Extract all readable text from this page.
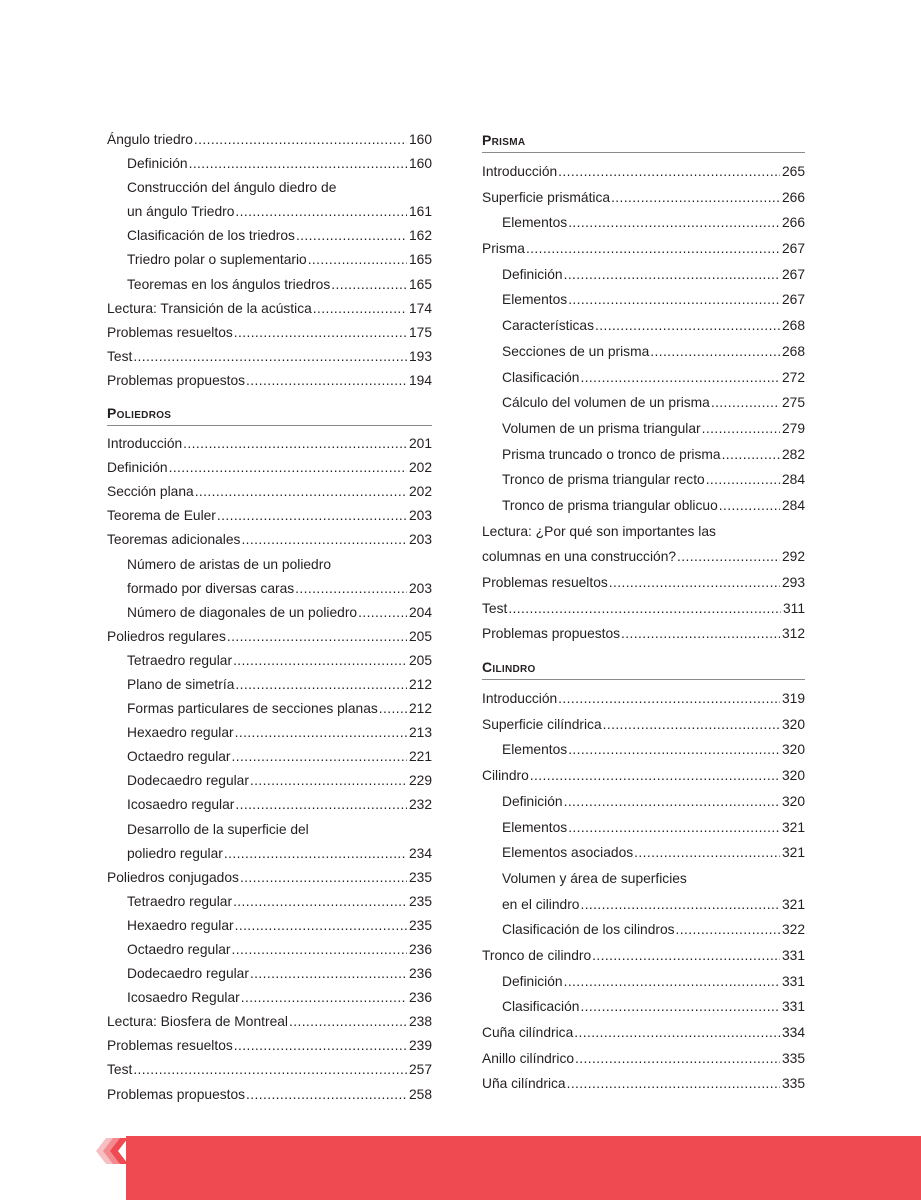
Ángulo triedro .....	160
Definición .....	160
Construcción del ángulo diedro de
un ángulo Triedro .....	161
Clasificación de los triedros .....	162
Triedro polar o suplementario .....	165
Teoremas en los ángulos triedros .....	165
Lectura: Transición de la acústica .....	174
Problemas resueltos .....	175
Test .....	193
Problemas propuestos .....	194
Poliedros
Introducción .....	201
Definición .....	202
Sección plana .....	202
Teorema de Euler .....	203
Teoremas adicionales .....	203
Número de aristas de un poliedro
formado por diversas caras .....	203
Número de diagonales de un poliedro .....	204
Poliedros regulares .....	205
Tetraedro regular .....	205
Plano de simetría .....	212
Formas particulares de secciones planas ..... 212
Hexaedro regular .....	213
Octaedro regular .....	221
Dodecaedro regular .....	229
Icosaedro regular .....	232
Desarrollo de la superficie del
poliedro regular .....	234
Poliedros conjugados .....	235
Tetraedro regular .....	235
Hexaedro regular .....	235
Octaedro regular .....	236
Dodecaedro regular .....	236
Icosaedro Regular .....	236
Lectura: Biosfera de Montreal .....	238
Problemas resueltos .....	239
Test .....	257
Problemas propuestos .....	258
Prisma
Introducción .....	265
Superficie prismática .....	266
Elementos .....	266
Prisma .....	267
Definición .....	267
Elementos .....	267
Características .....	268
Secciones de un prisma .....	268
Clasificación .....	272
Cálculo del volumen de un prisma .....	275
Volumen de un prisma triangular .....	279
Prisma truncado o tronco de prisma .....	282
Tronco de prisma triangular recto .....	284
Tronco de prisma triangular oblicuo .....	284
Lectura: ¿Por qué son importantes las
columnas en una construcción? .....	292
Problemas resueltos .....	293
Test .....	311
Problemas propuestos .....	312
Cilindro
Introducción .....	319
Superficie cilíndrica .....	320
Elementos .....	320
Cilindro .....	320
Definición .....	320
Elementos .....	321
Elementos asociados .....	321
Volumen y área de superficies
en el cilindro .....	321
Clasificación de los cilindros .....	322
Tronco de cilindro .....	331
Definición .....	331
Clasificación .....	331
Cuña cilíndrica .....	334
Anillo cilíndrico .....	335
Uña cilíndrica .....	335
